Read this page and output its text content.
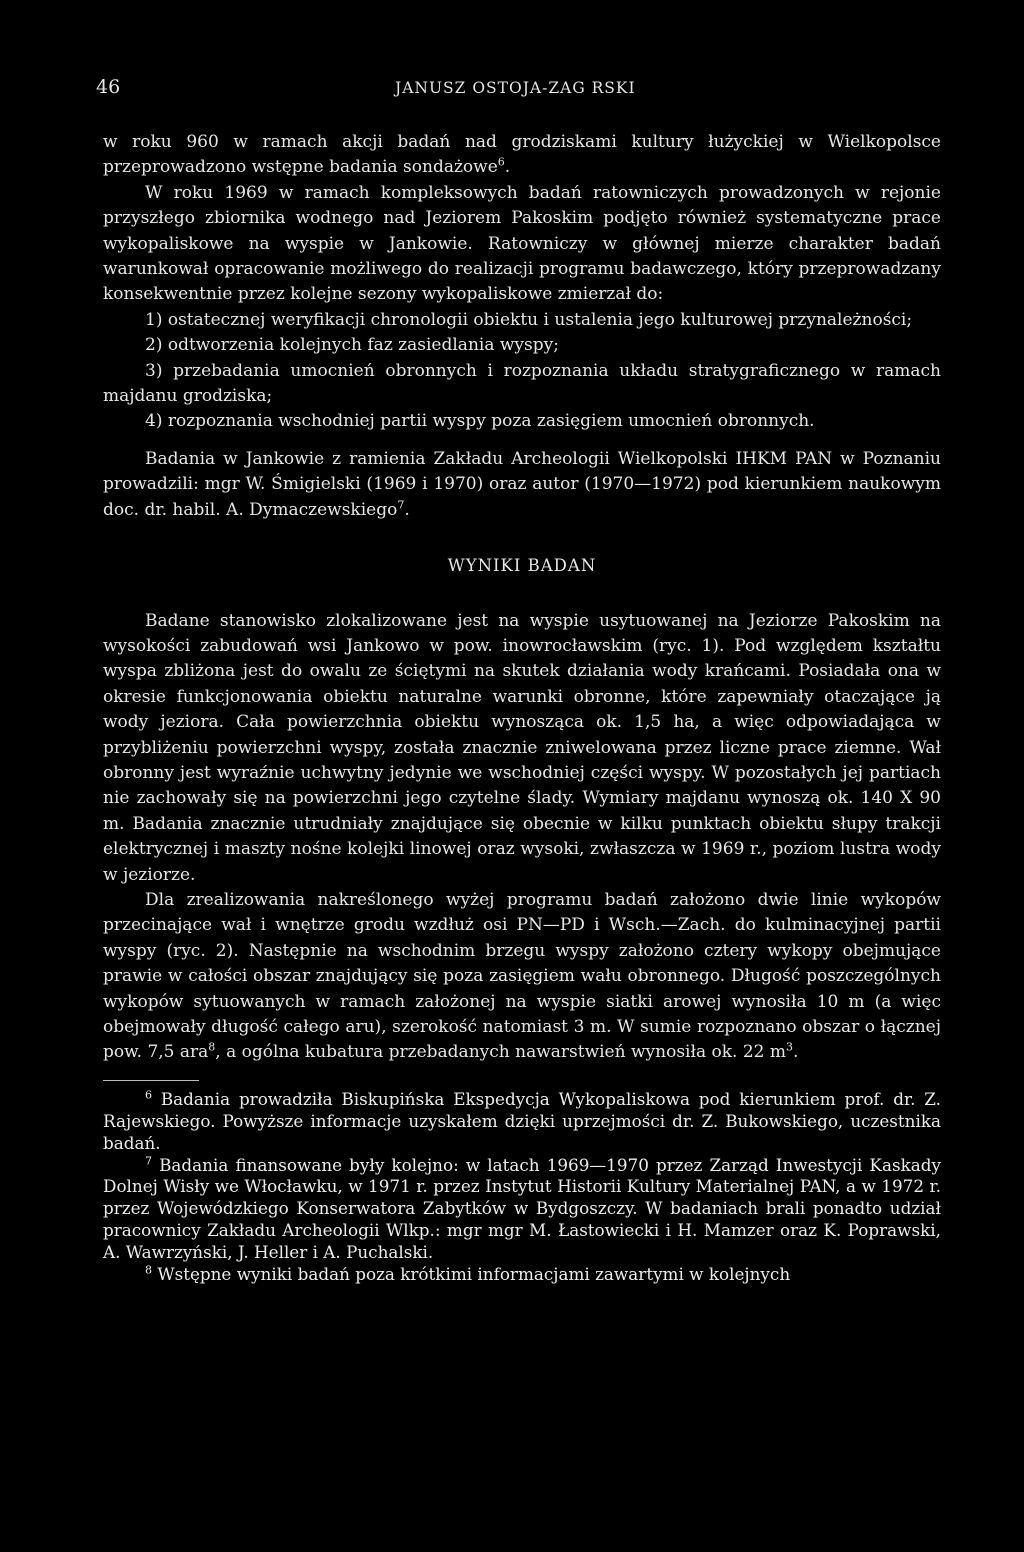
46	JANUSZ OSTOJA-ZAG RSKI

w roku 960 w ramach akcji badań nad grodziskami kultury łużyckiej w Wielkopolsce przeprowadzono wstępne badania sondażowe$^6$.

W roku 1969 w ramach kompleksowych badań ratowniczych prowadzonych w rejonie przyszłego zbiornika wodnego nad Jeziorem Pakoskim podjęto również systematyczne prace wykopaliskowe na wyspie w Jankowie. Ratowniczy w głównej mierze charakter badań warunkował opracowanie możliwego do realizacji programu badawczego, który przeprowadzany konsekwentnie przez kolejne sezony wykopaliskowe zmierzał do:

1) ostatecznej weryfikacji chronologii obiektu i ustalenia jego kulturowej przynależności;

2) odtworzenia kolejnych faz zasiedlania wyspy;

3) przebadania umocnień obronnych i rozpoznania układu stratygraficznego w ramach majdanu grodziska;

4) rozpoznania wschodniej partii wyspy poza zasięgiem umocnień obronnych.

Badania w Jankowie z ramienia Zakładu Archeologii Wielkopolski IHKM PAN w Poznaniu prowadzili: mgr W. Śmigielski (1969 i 1970) oraz autor (1970—1972) pod kierunkiem naukowym doc. dr. habil. A. Dymaczewskiego$^7$.

WYNIKI BADAN

Badane stanowisko zlokalizowane jest na wyspie usytuowanej na Jeziorze Pakoskim na wysokości zabudowań wsi Jankowo w pow. inowrocławskim (ryc. 1). Pod względem kształtu wyspa zbliżona jest do owalu ze ściętymi na skutek działania wody krańcami. Posiadała ona w okresie funkcjonowania obiektu naturalne warunki obronne, które zapewniały otaczające ją wody jeziora. Cała powierzchnia obiektu wynosząca ok. 1,5 ha, a więc odpowiadająca w przybliżeniu powierzchni wyspy, została znacznie zniwelowana przez liczne prace ziemne. Wał obronny jest wyraźnie uchwytny jedynie we wschodniej części wyspy. W pozostałych jej partiach nie zachowały się na powierzchni jego czytelne ślady. Wymiary majdanu wynoszą ok. 140 X 90 m. Badania znacznie utrudniały znajdujące się obecnie w kilku punktach obiektu słupy trakcji elektrycznej i maszty nośne kolejki linowej oraz wysoki, zwłaszcza w 1969 r., poziom lustra wody w jeziorze.

Dla zrealizowania nakreślonego wyżej programu badań założono dwie linie wykopów przecinające wał i wnętrze grodu wzdłuż osi PN—PD i Wsch.—Zach. do kulminacyjnej partii wyspy (ryc. 2). Następnie na wschodnim brzegu wyspy założono cztery wykopy obejmujące prawie w całości obszar znajdujący się poza zasięgiem wału obronnego. Długość poszczególnych wykopów sytuowanych w ramach założonej na wyspie siatki arowej wynosiła 10 m (a więc obejmowały długość całego aru), szerokość natomiast 3 m. W sumie rozpoznano obszar o łącznej pow. 7,5 ara$^8$, a ogólna kubatura przebadanych nawarstwień wynosiła ok. 22 $m^3$.

$^6$ Badania prowadziła Biskupińska Ekspedycja Wykopaliskowa pod kierunkiem prof. dr. Z. Rajewskiego. Powyższe informacje uzyskałem dzięki uprzejmości dr. Z. Bukowskiego, uczestnika badań.

$^7$ Badania finansowane były kolejno: w latach 1969—1970 przez Zarząd Inwestycji Kaskady Dolnej Wisły we Włocławku, w 1971 r. przez Instytut Historii Kultury Materialnej PAN, a w 1972 r. przez Wojewódzkiego Konserwatora Zabytków w Bydgoszczy. W badaniach brali ponadto udział pracownicy Zakładu Archeologii Wlkp.: mgr mgr M. Łastowiecki i H. Mamzer oraz K. Poprawski, A. Wawrzyński, J. Heller i A. Puchalski.

$^8$ Wstępne wyniki badań poza krótkimi informacjami zawartymi w kolejnych
